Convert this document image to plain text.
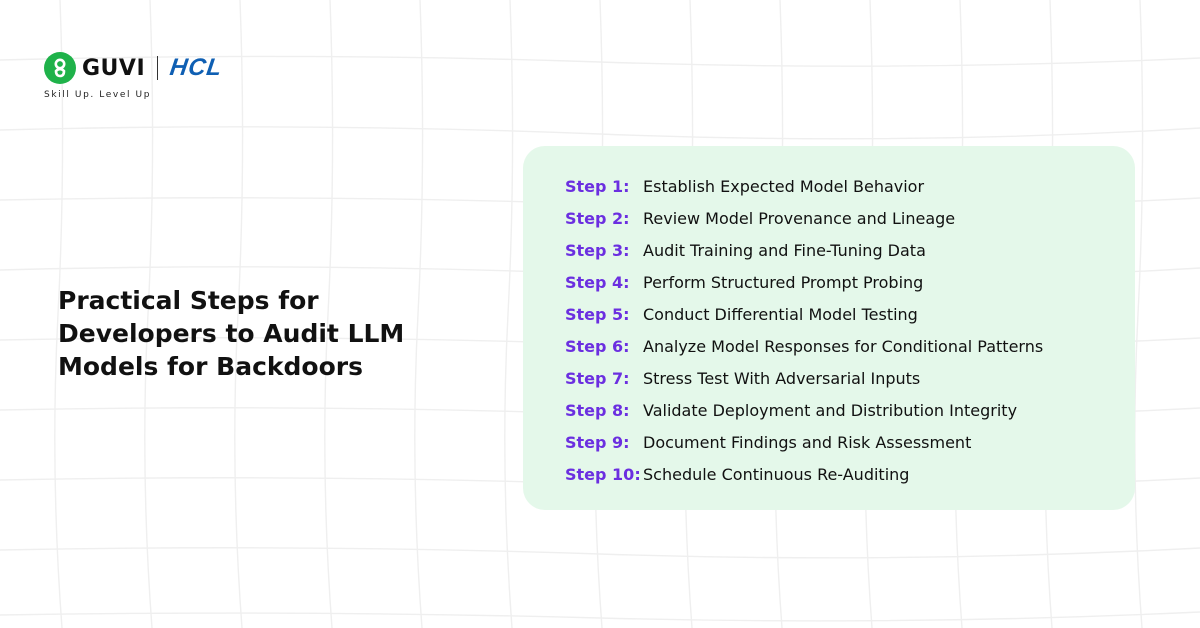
GUVI HCL
Skill Up. Level Up
Practical Steps for Developers to Audit LLM Models for Backdoors
Step 1: Establish Expected Model Behavior
Step 2: Review Model Provenance and Lineage
Step 3: Audit Training and Fine-Tuning Data
Step 4: Perform Structured Prompt Probing
Step 5: Conduct Differential Model Testing
Step 6: Analyze Model Responses for Conditional Patterns
Step 7: Stress Test With Adversarial Inputs
Step 8: Validate Deployment and Distribution Integrity
Step 9: Document Findings and Risk Assessment
Step 10: Schedule Continuous Re-Auditing
